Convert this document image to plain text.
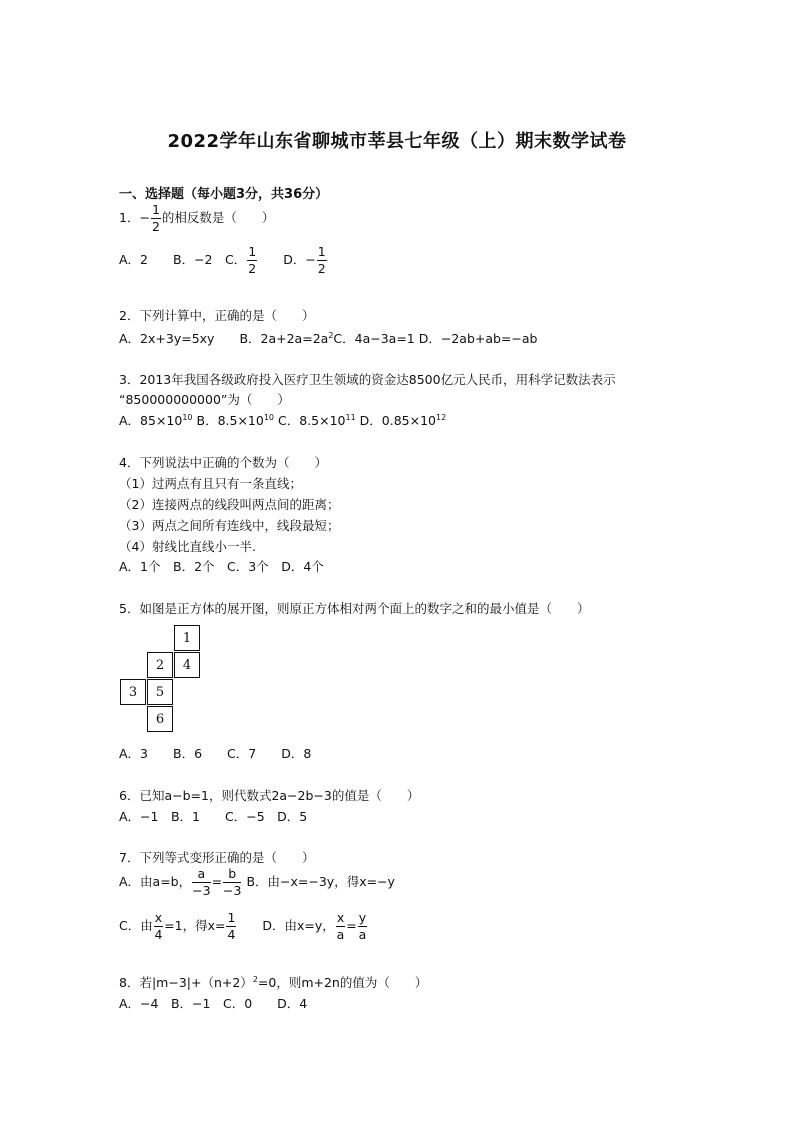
2022学年山东省聊城市莘县七年级（上）期末数学试卷
一、选择题（每小题3分，共36分）
1．− $\frac{1}{2}$ 的相反数是（　　）
A．2　　B．−2　C． $\frac{1}{2}$ 　　D．− $\frac{1}{2}$
2．下列计算中，正确的是（　　）
A．2x+3y=5xy　　B．$2a+2a=2a^2C$．4a−3a=1 D．−2ab+ab=−ab
3．2013年我国各级政府投入医疗卫生领域的资金达8500亿元人民币，用科学记数法表示
“850000000000”为（　　）
A．$85\times 10^{10}$ B．$8.5\times 10^{10}$ C．$8.5\times 10^{11}$ D．$0.85\times 10^{12}$
4．下列说法中正确的个数为（　　）
（1）过两点有且只有一条直线；
（2）连接两点的线段叫两点间的距离；
（3）两点之间所有连线中，线段最短；
（4）射线比直线小一半.
A．1个　B．2个　C．3个　D．4个
5．如图是正方体的展开图，则原正方体相对两个面上的数字之和的最小值是（　　）
1
2	4
3	5
6
A．3　　B．6　　C．7　　D．8
6．已知a−b=1，则代数式2a−2b−3的值是（　　）
A．−1　B．1　　C．−5　D．5
7．下列等式变形正确的是（　　）
A．由a=b， $\frac{a}{-3} = \frac{b}{-3}$ B．由−x=−3y，得x=−y
C．由 $\frac{x}{4} =1$，得$x= \frac{1}{4}$ 　　D．由x=y， $\frac{x}{a} = \frac{y}{a}$
8．若$|m-3|+(n+2)^2=0$，则m+2n的值为（　　）
A．−4　B．−1　C．0　　D．4
